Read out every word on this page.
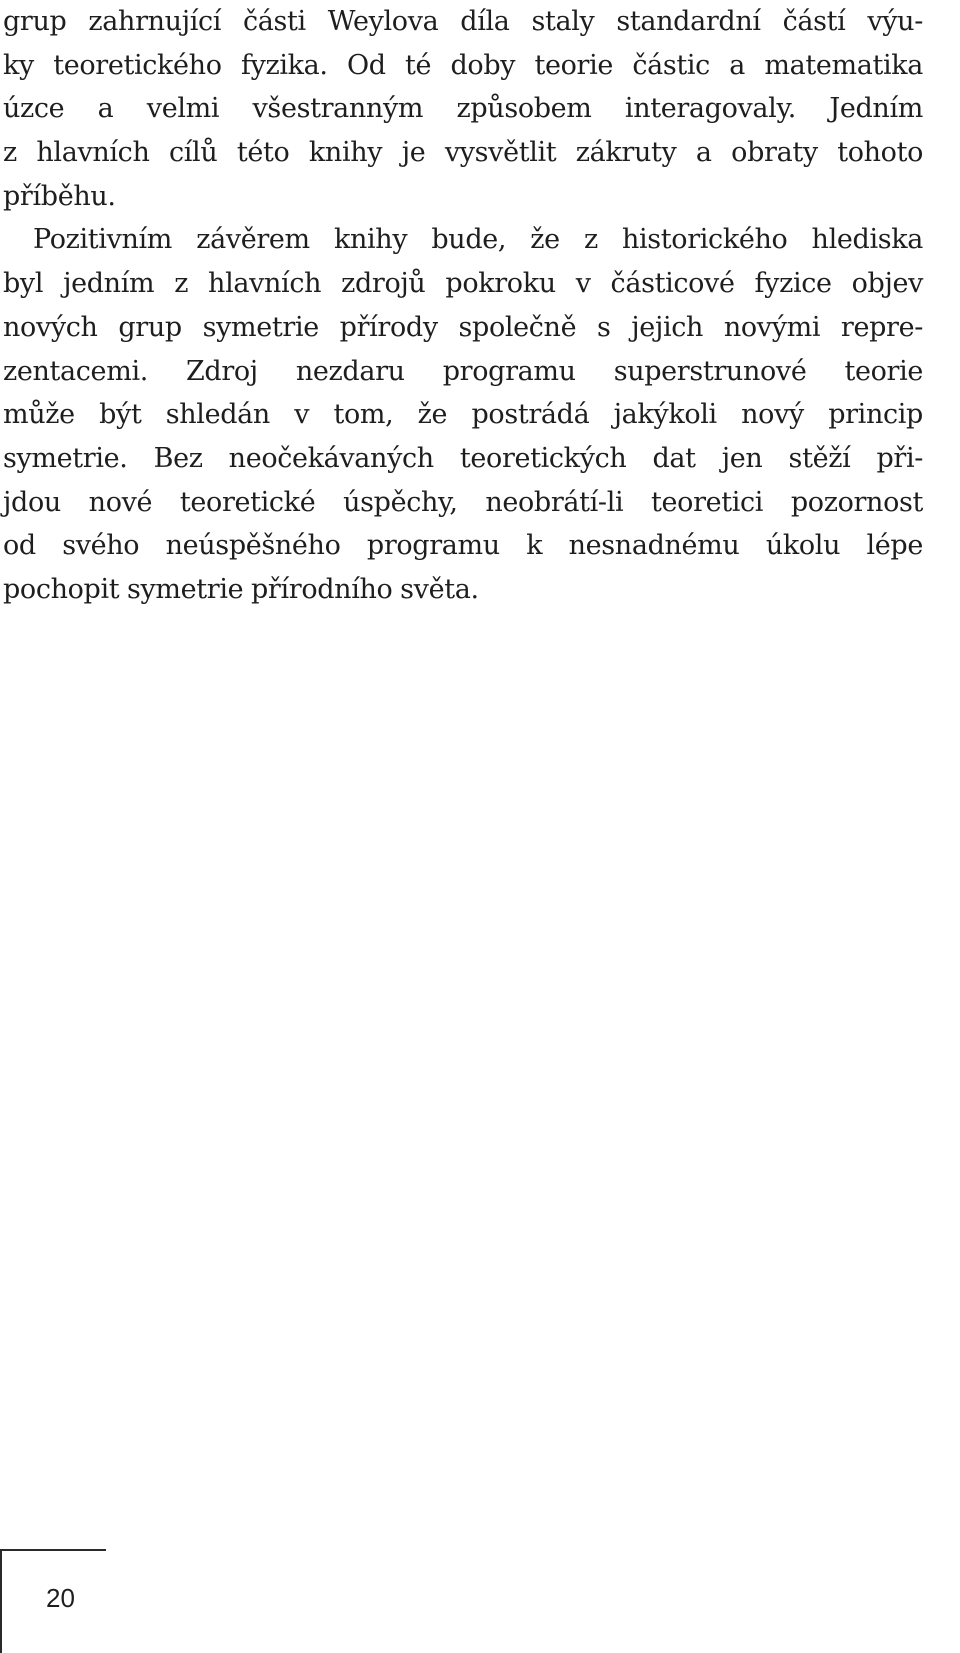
grup zahrnující části Weylova díla staly standardní částí výu-
ky teoretického fyzika. Od té doby teorie částic a matematika
úzce a velmi všestranným způsobem interagovaly. Jedním
z hlavních cílů této knihy je vysvětlit zákruty a obraty tohoto
příběhu.
Pozitivním závěrem knihy bude, že z historického hlediska
byl jedním z hlavních zdrojů pokroku v částicové fyzice objev
nových grup symetrie přírody společně s jejich novými repre-
zentacemi. Zdroj nezdaru programu superstrunové teorie
může být shledán v tom, že postrádá jakýkoli nový princip
symetrie. Bez neočekávaných teoretických dat jen stěží při-
jdou nové teoretické úspěchy, neobrátí-li teoretici pozornost
od svého neúspěšného programu k nesnadnému úkolu lépe
pochopit symetrie přírodního světa.
20
